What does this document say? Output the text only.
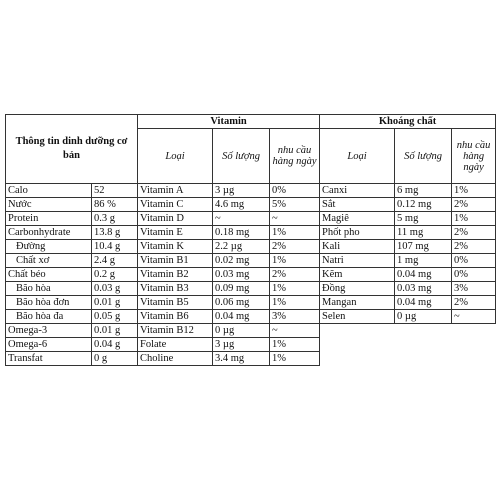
Thông tin dinh dưỡng cơ bản		Vitamin			Khoáng chất		
		Loại	Số lượng	nhu cầu hàng ngày	Loại	Số lượng	nhu cầu hàng ngày
Calo	52	Vitamin A	3 µg	0%	Canxi	6 mg	1%
Nước	86 %	Vitamin C	4.6 mg	5%	Sắt	0.12 mg	2%
Protein	0.3 g	Vitamin D	~	~	Magiê	5 mg	1%
Carbonhydrate	13.8 g	Vitamin E	0.18 mg	1%	Phốt pho	11 mg	2%
Đường	10.4 g	Vitamin K	2.2 µg	2%	Kali	107 mg	2%
Chất xơ	2.4 g	Vitamin B1	0.02 mg	1%	Natri	1 mg	0%
Chất béo	0.2 g	Vitamin B2	0.03 mg	2%	Kẽm	0.04 mg	0%
Bão hòa	0.03 g	Vitamin B3	0.09 mg	1%	Đồng	0.03 mg	3%
Bão hòa đơn	0.01 g	Vitamin B5	0.06 mg	1%	Mangan	0.04 mg	2%
Bão hòa đa	0.05 g	Vitamin B6	0.04 mg	3%	Selen	0 µg	~
Omega-3	0.01 g	Vitamin B12	0 µg	~			
Omega-6	0.04 g	Folate	3 µg	1%			
Transfat	0 g	Choline	3.4 mg	1%			
